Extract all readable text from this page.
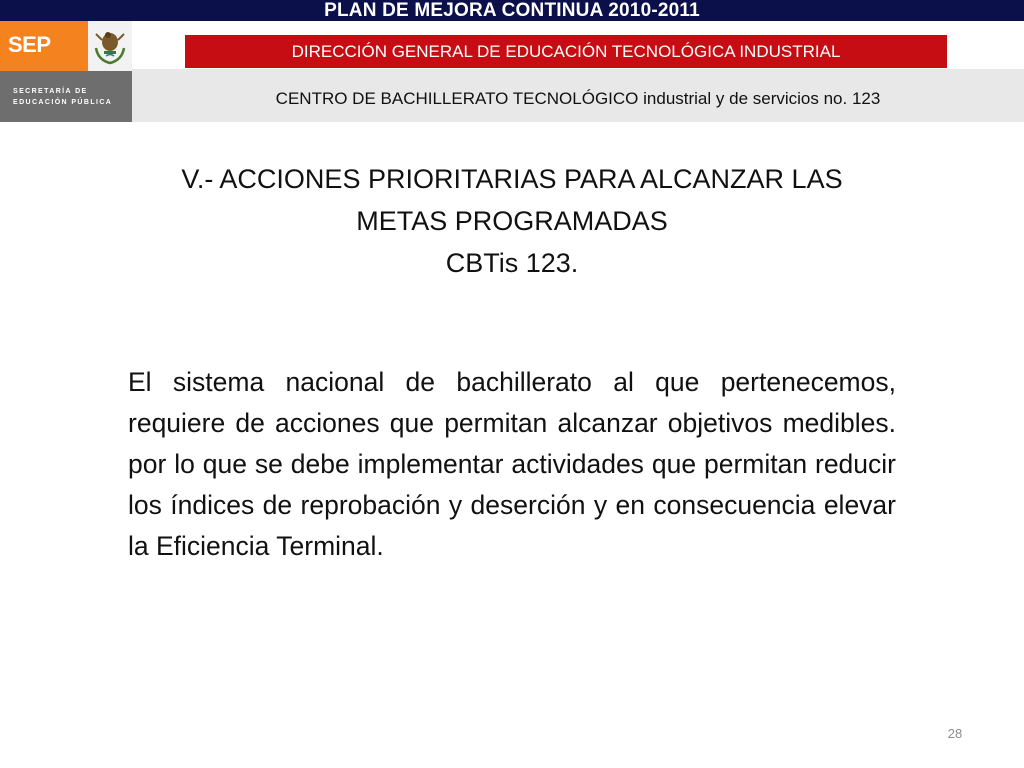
PLAN DE MEJORA CONTINUA 2010-2011
SEP
SECRETARÍA DE
EDUCACIÓN PÚBLICA
DIRECCIÓN GENERAL DE EDUCACIÓN TECNOLÓGICA INDUSTRIAL
CENTRO DE BACHILLERATO TECNOLÓGICO industrial y de servicios no. 123
V.- ACCIONES PRIORITARIAS PARA ALCANZAR LAS
METAS PROGRAMADAS
CBTis 123.

El sistema nacional de bachillerato al que pertenecemos, requiere de acciones que permitan alcanzar objetivos medibles. por lo que se debe implementar actividades que permitan reducir los índices de reprobación y deserción y en consecuencia elevar la Eficiencia Terminal.

28
